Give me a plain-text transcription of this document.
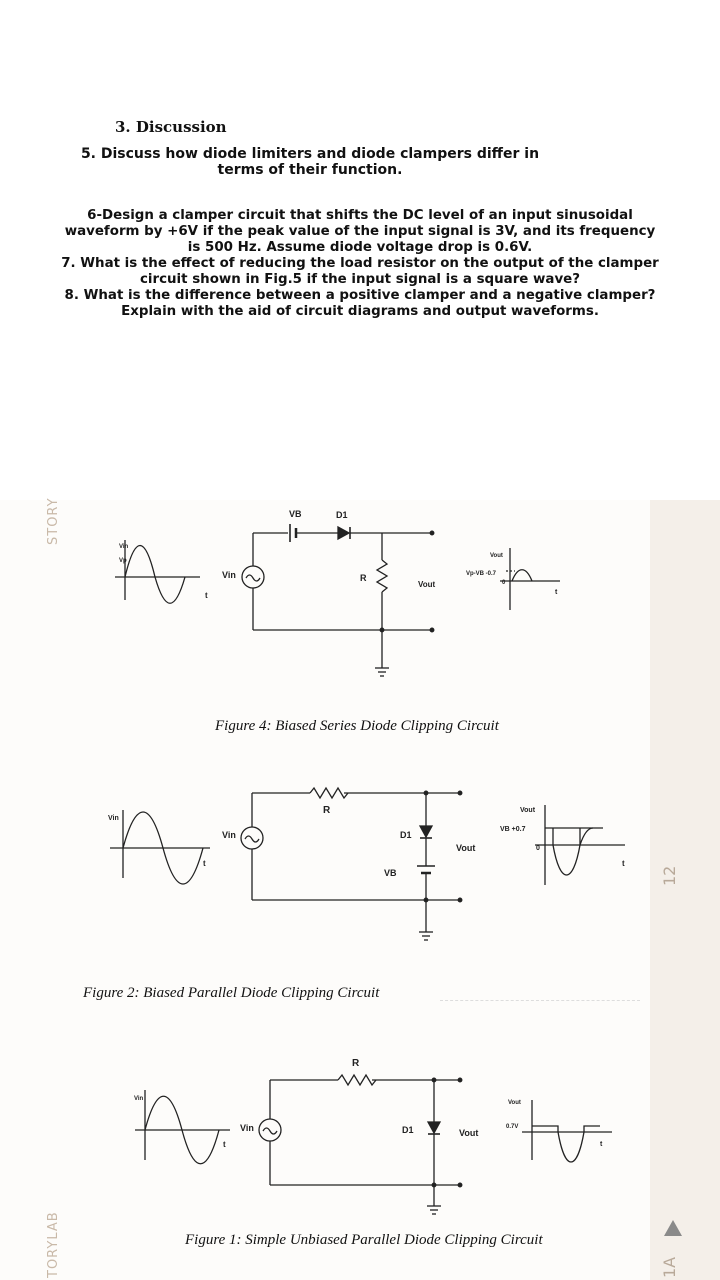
3. Discussion
5. Discuss how diode limiters and diode clampers differ in
terms of their function.
6-Design a clamper circuit that shifts the DC level of an input sinusoidal
waveform by +6V if the peak value of the input signal is 3V, and its frequency
is 500 Hz. Assume diode voltage drop is 0.6V.
7. What is the effect of reducing the load resistor on the output of the clamper
circuit shown in Fig.5 if the input signal is a square wave?
8. What is the difference between a positive clamper and a negative clamper?
Explain with the aid of circuit diagrams and output waveforms.
STORY
TORYLAB
12
1A
Figure 4: Biased Series Diode Clipping Circuit
Figure 2: Biased Parallel Diode Clipping Circuit
Figure 1: Simple Unbiased Parallel Diode Clipping Circuit
VB	D1
Vin	R
Vout
Vout
Vp-VB -0.7
0
t	t
Vp
Vin
R
Vin	D1
VB
Vout
Vout
VB +0.7
0
t	t
Vin
R
Vin	D1	Vout
Vout
0.7V
t	t
Vin
